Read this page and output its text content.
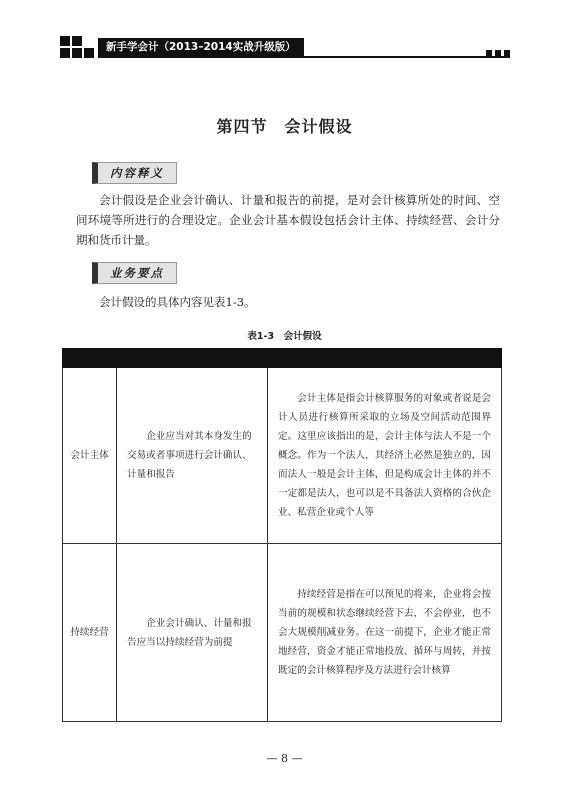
新手学会计（2013–2014实战升级版）
第四节　会计假设
内容释义
会计假设是企业会计确认、计量和报告的前提，是对会计核算所处的时间、空间环境等所进行的合理设定。企业会计基本假设包括会计主体、持续经营、会计分期和货币计量。
业务要点
会计假设的具体内容见表1-3。
表1-3　会计假设

会计主体	企业应当对其本身发生的交易或者事项进行会计确认、计量和报告	会计主体是指会计核算服务的对象或者说是会计人员进行核算所采取的立场及空间活动范围界定。这里应该指出的是，会计主体与法人不是一个概念。作为一个法人，其经济上必然是独立的，因而法人一般是会计主体，但是构成会计主体的并不一定都是法人，也可以是不具备法人资格的合伙企业、私营企业或个人等
持续经营	企业会计确认、计量和报告应当以持续经营为前提	持续经营是指在可以预见的将来，企业将会按当前的规模和状态继续经营下去，不会停业，也不会大规模削减业务。在这一前提下，企业才能正常地经营，资金才能正常地投放、循环与周转，并按既定的会计核算程序及方法进行会计核算
— 8 —
